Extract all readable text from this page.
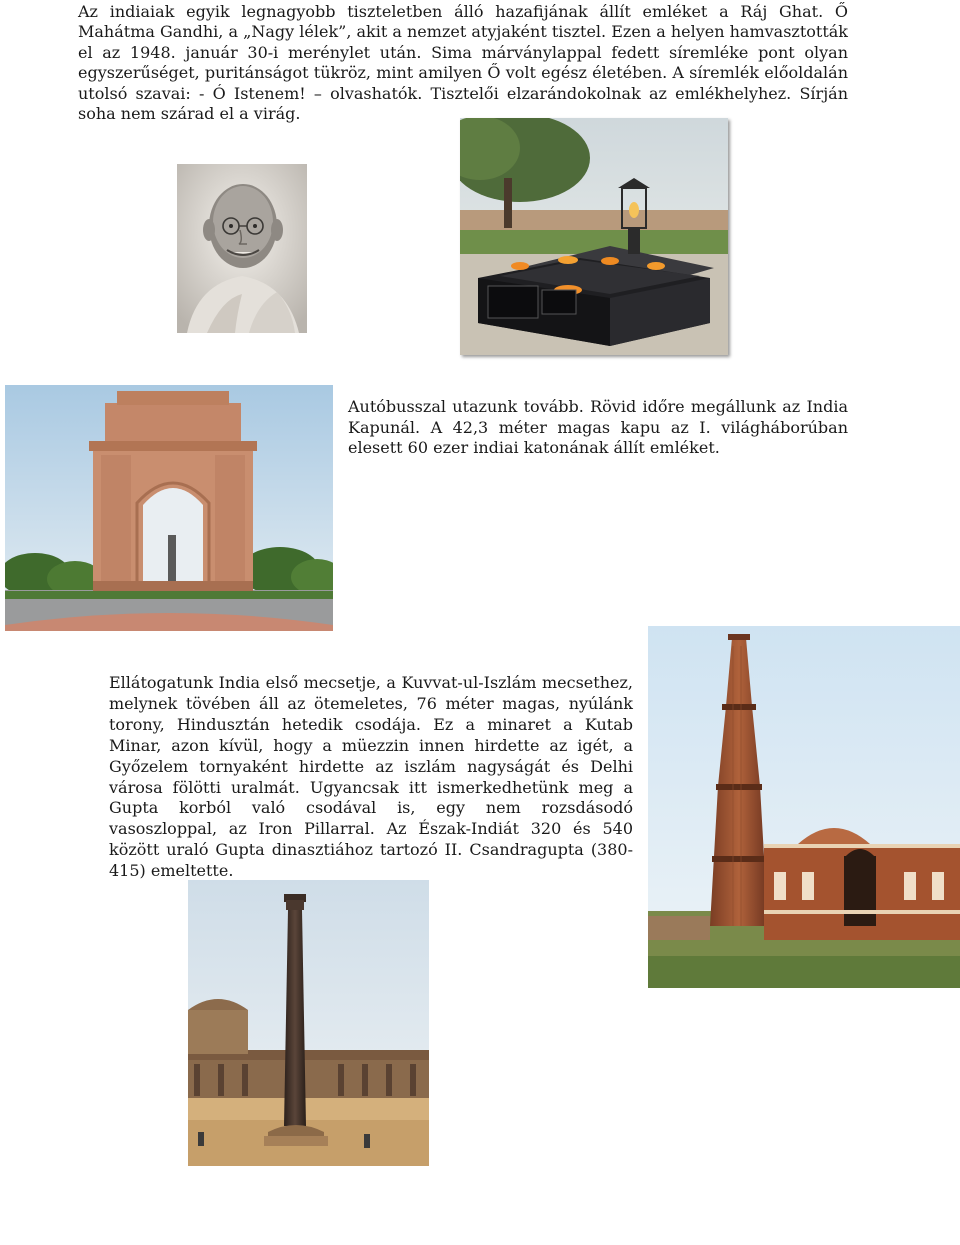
Az indiaiak egyik legnagyobb tiszteletben álló hazafijának állít emléket a Ráj Ghat. Ő Mahátma Gandhi, a „Nagy lélek”, akit a nemzet atyjaként tisztel. Ezen a helyen hamvasztották el az 1948. január 30-i merénylet után. Sima márványlappal fedett síremléke pont olyan egyszerűséget, puritánságot tükröz, mint amilyen Ő volt egész életében. A síremlék előoldalán utolsó szavai: - Ó Istenem! – olvashatók. Tisztelői elzarándokolnak az emlékhelyhez. Sírján soha nem szárad el a virág.

Autóbusszal utazunk tovább. Rövid időre megállunk az India Kapunál. A 42,3 méter magas kapu az I. világháborúban elesett 60 ezer indiai katonának állít emléket.

Ellátogatunk India első mecsetje, a Kuvvat-ul-Iszlám mecsethez, melynek tövében áll az ötemeletes, 76 méter magas, nyúlánk torony, Hindusztán hetedik csodája. Ez a minaret a Kutab Minar, azon kívül, hogy a müezzin innen hirdette az igét, a Győzelem tornyaként hirdette az iszlám nagyságát és Delhi városa fölötti uralmát. Ugyancsak itt ismerkedhetünk meg a Gupta korból való csodával is, egy nem rozsdásodó vasoszloppal, az Iron Pillarral. Az Észak-Indiát 320 és 540 között uraló Gupta dinasztiához tartozó II. Csandragupta (380-415) emeltette.
